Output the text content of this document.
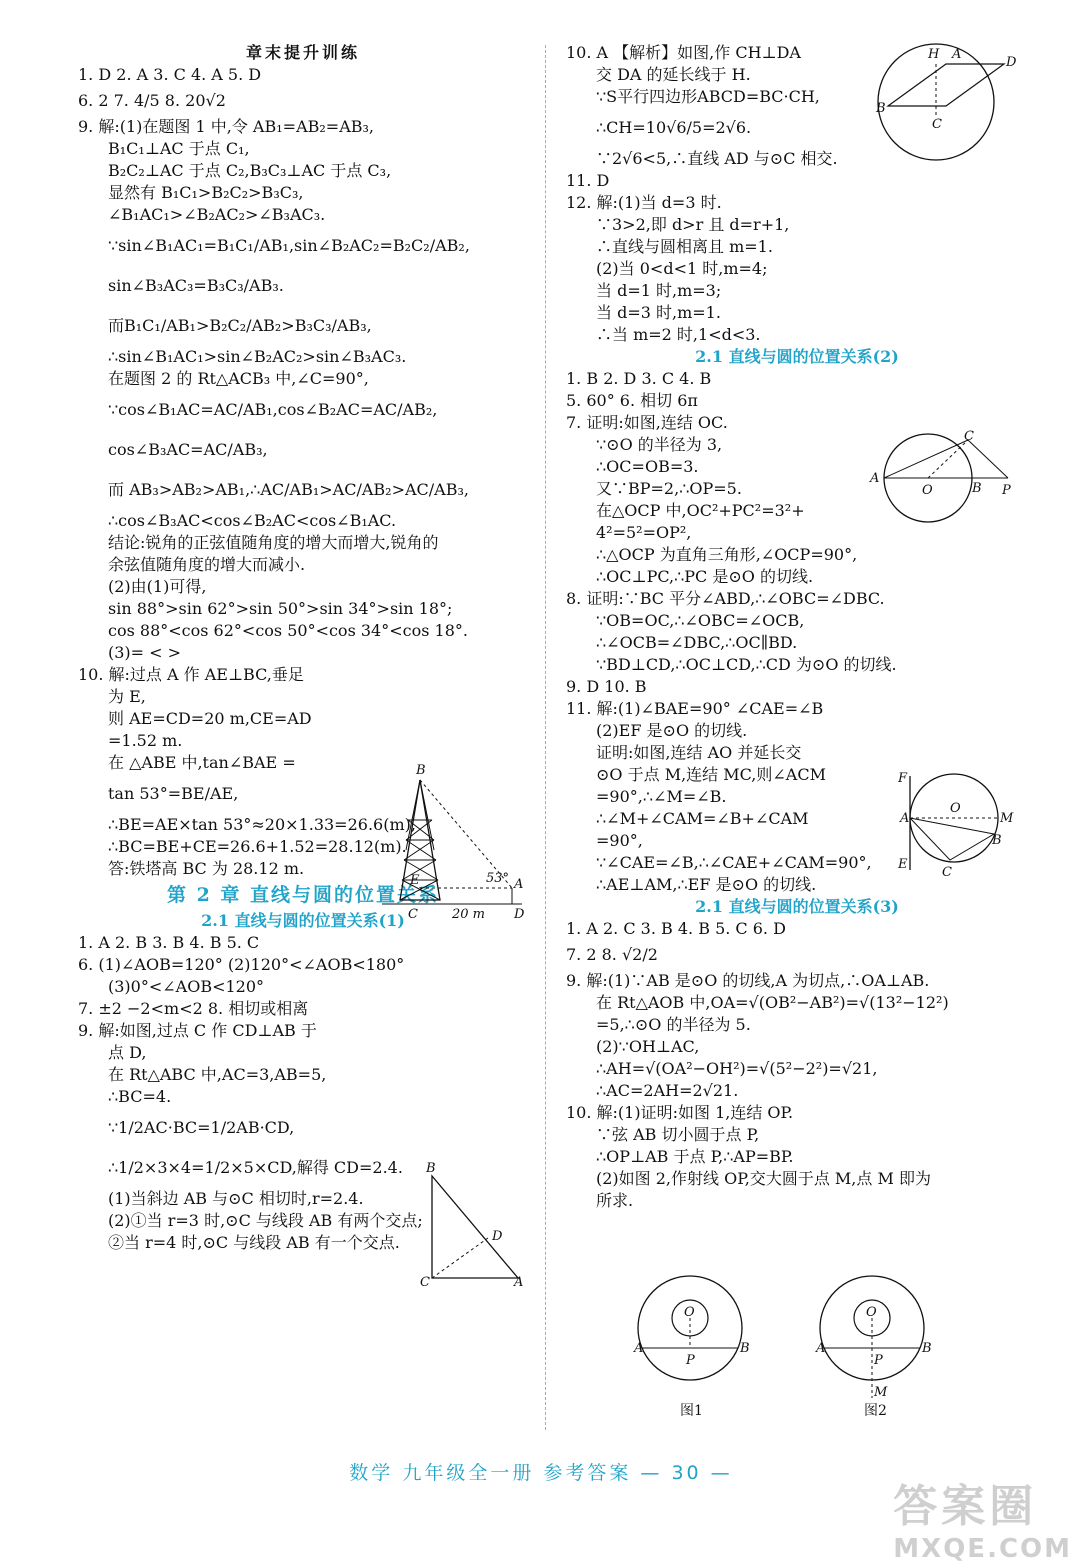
章末提升训练
1. D 2. A 3. C 4. A 5. D
6. 2 7. 4/5 8. 20√2
9. 解:(1)在题图 1 中,令 AB₁=AB₂=AB₃,
B₁C₁⊥AC 于点 C₁,
B₂C₂⊥AC 于点 C₂,B₃C₃⊥AC 于点 C₃,
显然有 B₁C₁>B₂C₂>B₃C₃,
∠B₁AC₁>∠B₂AC₂>∠B₃AC₃.
∵sin∠B₁AC₁=B₁C₁/AB₁,sin∠B₂AC₂=B₂C₂/AB₂,
sin∠B₃AC₃=B₃C₃/AB₃.
而B₁C₁/AB₁>B₂C₂/AB₂>B₃C₃/AB₃,
∴sin∠B₁AC₁>sin∠B₂AC₂>sin∠B₃AC₃.
在题图 2 的 Rt△ACB₃ 中,∠C=90°,
∵cos∠B₁AC=AC/AB₁,cos∠B₂AC=AC/AB₂,
cos∠B₃AC=AC/AB₃,
而 AB₃>AB₂>AB₁,∴AC/AB₁>AC/AB₂>AC/AB₃,
∴cos∠B₃AC<cos∠B₂AC<cos∠B₁AC.
结论:锐角的正弦值随角度的增大而增大,锐角的
余弦值随角度的增大而减小.
(2)由(1)可得,
sin 88°>sin 62°>sin 50°>sin 34°>sin 18°;
cos 88°<cos 62°<cos 50°<cos 34°<cos 18°.
(3)= < >
10. 解:过点 A 作 AE⊥BC,垂足
为 E,
则 AE=CD=20 m,CE=AD
=1.52 m.
在 △ABE 中,tan∠BAE =
tan 53°=BE/AE,
∴BE=AE×tan 53°≈20×1.33=26.6(m),
∴BC=BE+CE=26.6+1.52=28.12(m).
答:铁塔高 BC 为 28.12 m.
第 2 章 直线与圆的位置关系
2.1 直线与圆的位置关系(1)
1. A 2. B 3. B 4. B 5. C
6. (1)∠AOB=120° (2)120°<∠AOB<180°
(3)0°<∠AOB<120°
7. ±2 −2<m<2 8. 相切或相离
9. 解:如图,过点 C 作 CD⊥AB 于
点 D,
在 Rt△ABC 中,AC=3,AB=5,
∴BC=4.
∵1/2AC·BC=1/2AB·CD,
∴1/2×3×4=1/2×5×CD,解得 CD=2.4.
(1)当斜边 AB 与⊙C 相切时,r=2.4.
(2)①当 r=3 时,⊙C 与线段 AB 有两个交点;
②当 r=4 时,⊙C 与线段 AB 有一个交点.
10. A 【解析】如图,作 CH⊥DA
交 DA 的延长线于 H.
∵S平行四边形ABCD=BC·CH,
∴CH=10√6/5=2√6.
∵2√6<5,∴直线 AD 与⊙C 相交.
11. D
12. 解:(1)当 d=3 时.
∵3>2,即 d>r 且 d=r+1,
∴直线与圆相离且 m=1.
(2)当 0<d<1 时,m=4;
当 d=1 时,m=3;
当 d=3 时,m=1.
∴当 m=2 时,1<d<3.
2.1 直线与圆的位置关系(2)
1. B 2. D 3. C 4. B
5. 60° 6. 相切 6π
7. 证明:如图,连结 OC.
∵⊙O 的半径为 3,
∴OC=OB=3.
又∵BP=2,∴OP=5.
在△OCP 中,OC²+PC²=3²+
4²=5²=OP²,
∴△OCP 为直角三角形,∠OCP=90°,
∴OC⊥PC,∴PC 是⊙O 的切线.
8. 证明:∵BC 平分∠ABD,∴∠OBC=∠DBC.
∵OB=OC,∴∠OBC=∠OCB,
∴∠OCB=∠DBC,∴OC∥BD.
∵BD⊥CD,∴OC⊥CD,∴CD 为⊙O 的切线.
9. D 10. B
11. 解:(1)∠BAE=90° ∠CAE=∠B
(2)EF 是⊙O 的切线.
证明:如图,连结 AO 并延长交
⊙O 于点 M,连结 MC,则∠ACM
=90°,∴∠M=∠B.
∴∠M+∠CAM=∠B+∠CAM
=90°,
∵∠CAE=∠B,∴∠CAE+∠CAM=90°,
∴AE⊥AM,∴EF 是⊙O 的切线.
2.1 直线与圆的位置关系(3)
1. A 2. C 3. B 4. B 5. C 6. D
7. 2 8. √2/2
9. 解:(1)∵AB 是⊙O 的切线,A 为切点,∴OA⊥AB.
在 Rt△AOB 中,OA=√(OB²−AB²)=√(13²−12²)
=5,∴⊙O 的半径为 5.
(2)∵OH⊥AC,
∴AH=√(OA²−OH²)=√(5²−2²)=√21,
∴AC=2AH=2√21.
10. 解:(1)证明:如图 1,连结 OP.
∵弦 AB 切小圆于点 P,
∴OP⊥AB 于点 P,∴AP=BP.
(2)如图 2,作射线 OP,交大圆于点 M,点 M 即为
所求.
B
E	53° A
C	D
20 m
B
D
C	A
H A
D
B
C
A
O	B
C
P
F
E
A
O
M
C
B
O
A
P
B
图1
O
A
P
B
M
图2
数学 九年级全一册 参考答案 — 30 —
答案圈
MXQE.COM
